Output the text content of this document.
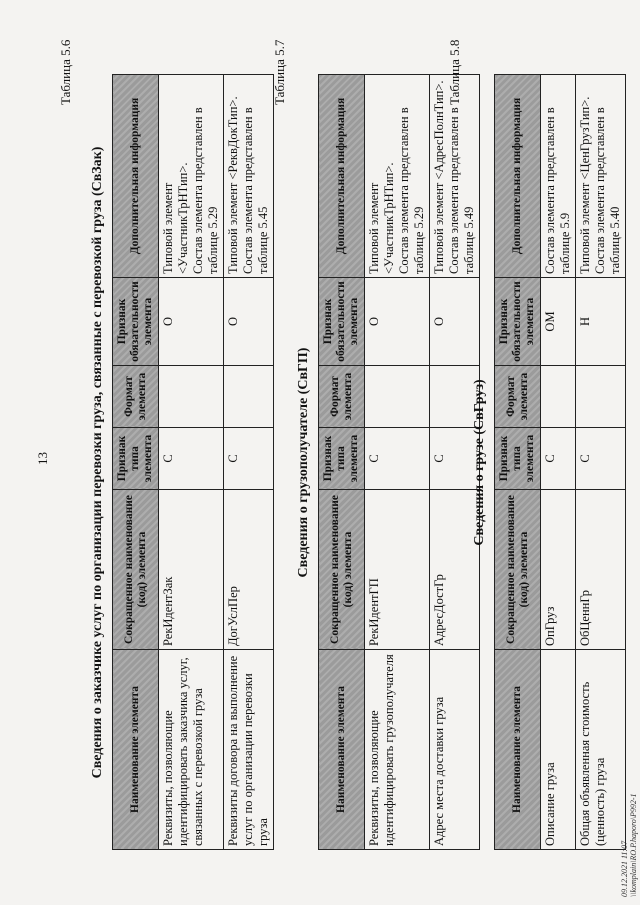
13
Таблица 5.6
Сведения о заказчике услуг по организации перевозки груза, связанные с перевозкой груза (СвЗак) Наименование элемента	Сокращенное наименование (код) элемента	Признак типа элемента	Формат элемента	Признак обязательности элемента	Дополнительная информация
Реквизиты, позволяющие идентифицировать заказчика услуг, связанных с перевозкой груза	РекИдентЗак	С		О	Типовой элемент <УчастникТрНТип>. Состав элемента представлен в таблице 5.29

Реквизиты договора на выполнение услуг по организации перевозки груза	ДогУслПер	С		О	Типовой элемент <РеквДокТип>. Состав элемента представлен в таблице 5.45
Таблица 5.7
Сведения о грузополучателе (СвГП)
Наименование элемента	Сокращенное наименование (код) элемента	Признак типа элемента	Формат элемента	Признак обязательности элемента	Дополнительная информация
Реквизиты, позволяющие идентифицировать грузополучателя	РекИдентГП	С		О	Типовой элемент <УчастникТрНТип>. Состав элемента представлен в таблице 5.29

Адрес места доставки груза	АдресДостГр	С		О	Типовой элемент <АдресПолнТип>. Состав элемента представлен в таблице 5.49
Таблица 5.8
Сведения о грузе (СвГруз)
Наименование элемента	Сокращенное наименование (код) элемента	Признак типа элемента	Формат элемента	Признак обязательности элемента	Дополнительная информация
Описание груза	ОпГруз	С		ОМ	Состав элемента представлен в таблице 5.9

Общая объявленная стоимость (ценность) груза	ОбЦеннГр	С		Н	Типовой элемент <ЦенГрузТип>. Состав элемента представлен в таблице 5.40
09.12.2021 11:07 \\komplain\RO.P.haporo\Р992-1
